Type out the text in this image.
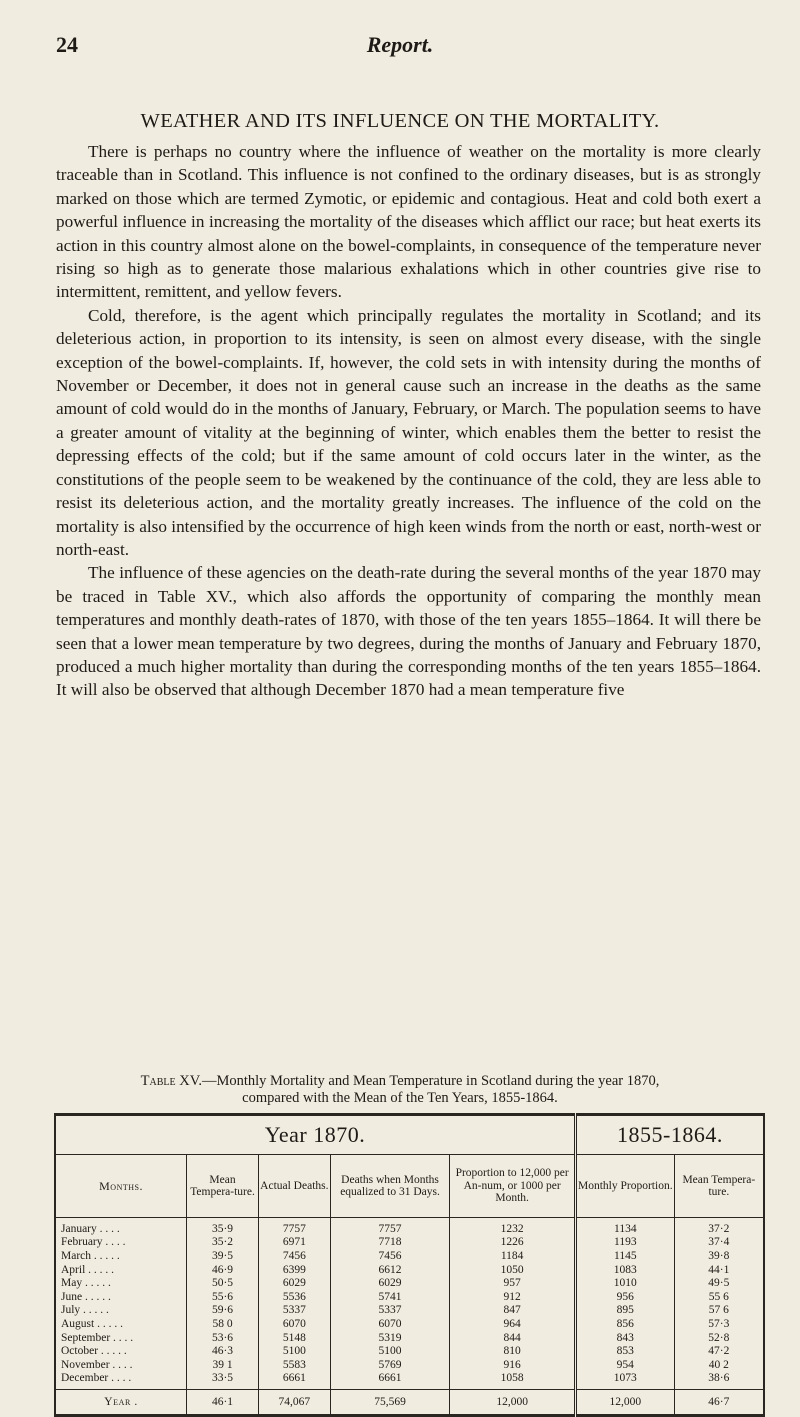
24	Report.
WEATHER AND ITS INFLUENCE ON THE MORTALITY.

There is perhaps no country where the influence of weather on the mortality is more clearly traceable than in Scotland. This influence is not confined to the ordinary diseases, but is as strongly marked on those which are termed Zymotic, or epidemic and contagious. Heat and cold both exert a powerful influence in increasing the mortality of the diseases which afflict our race; but heat exerts its action in this country almost alone on the bowel-complaints, in consequence of the temperature never rising so high as to generate those malarious exhalations which in other countries give rise to intermittent, remittent, and yellow fevers.

Cold, therefore, is the agent which principally regulates the mortality in Scotland; and its deleterious action, in proportion to its intensity, is seen on almost every disease, with the single exception of the bowel-complaints. If, however, the cold sets in with intensity during the months of November or December, it does not in general cause such an increase in the deaths as the same amount of cold would do in the months of January, February, or March. The population seems to have a greater amount of vitality at the beginning of winter, which enables them the better to resist the depressing effects of the cold; but if the same amount of cold occurs later in the winter, as the constitutions of the people seem to be weakened by the continuance of the cold, they are less able to resist its deleterious action, and the mortality greatly increases. The influence of the cold on the mortality is also intensified by the occurrence of high keen winds from the north or east, north-west or north-east.

The influence of these agencies on the death-rate during the several months of the year 1870 may be traced in Table XV., which also affords the opportunity of comparing the monthly mean temperatures and monthly death-rates of 1870, with those of the ten years 1855–1864. It will there be seen that a lower mean temperature by two degrees, during the months of January and February 1870, produced a much higher mortality than during the corresponding months of the ten years 1855–1864. It will also be observed that although December 1870 had a mean temperature five

Table XV.—Monthly Mortality and Mean Temperature in Scotland during the year 1870,
compared with the Mean of the Ten Years, 1855-1864.
Year 1870.					1855-1864.	
Months.	Mean Tempera-ture.	Actual Deaths.	Deaths when Months equalized to 31 Days.	Proportion to 12,000 per An-num, or 1000 per Month.	Monthly Proportion.	Mean Tempera-ture.
January . . . .	35·9	7757	7757	1232	1134	37·2
February . . . .	35·2	6971	7718	1226	1193	37·4
March . . . . .	39·5	7456	7456	1184	1145	39·8
April . . . . .	46·9	6399	6612	1050	1083	44·1
May . . . . .	50·5	6029	6029	957	1010	49·5
June . . . . .	55·6	5536	5741	912	956	55 6
July . . . . .	59·6	5337	5337	847	895	57 6
August . . . . .	58 0	6070	6070	964	856	57·3
September . . . .	53·6	5148	5319	844	843	52·8
October . . . . .	46·3	5100	5100	810	853	47·2
November . . . .	39 1	5583	5769	916	954	40 2
December . . . .	33·5	6661	6661	1058	1073	38·6
Year .	46·1	74,067	75,569	12,000	12,000	46·7
